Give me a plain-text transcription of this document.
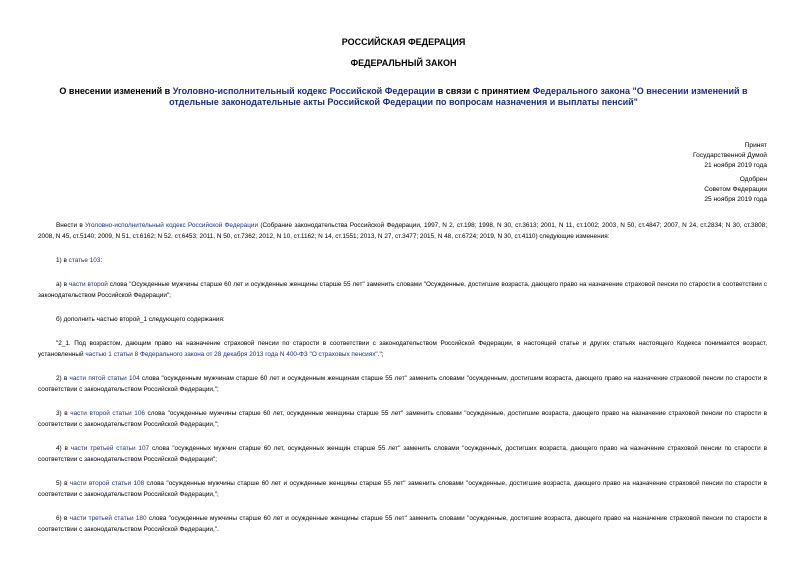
РОССИЙСКАЯ ФЕДЕРАЦИЯ
ФЕДЕРАЛЬНЫЙ ЗАКОН
О внесении изменений в Уголовно-исполнительный кодекс Российской Федерации в связи с принятием Федерального закона "О внесении изменений в отдельные законодательные акты Российской Федерации по вопросам назначения и выплаты пенсий"
Принят
Государственной Думой
21 ноября 2019 года
Одобрен
Советом Федерации
25 ноября 2019 года

Внести в Уголовно-исполнительный кодекс Российской Федерации (Собрание законодательства Российской Федерации, 1997, N 2, ст.198; 1998, N 30, ст.3613; 2001, N 11, ст.1002; 2003, N 50, ст.4847; 2007, N 24, ст.2834; N 30, ст.3808; 2008, N 45, ст.5140; 2009, N 51, ст.6162; N 52, ст.6453; 2011, N 50, ст.7362; 2012, N 10, ст.1162; N 14, ст.1551; 2013, N 27, ст.3477; 2015, N 48, ст.6724; 2019, N 30, ст.4110) следующие изменения:

1) в статье 103:

а) в части второй слова "Осужденные мужчины старше 60 лет и осужденные женщины старше 55 лет" заменить словами "Осужденные, достигшие возраста, дающего право на назначение страховой пенсии по старости в соответствии с законодательством Российской Федерации";

б) дополнить частью второй_1 следующего содержания:

"2_1. Под возрастом, дающим право на назначение страховой пенсии по старости в соответствии с законодательством Российской Федерации, в настоящей статье и других статьях настоящего Кодекса понимается возраст, установленный частью 1 статьи 8 Федерального закона от 28 декабря 2013 года N 400-ФЗ "О страховых пенсиях".";

2) в части пятой статьи 104 слова "осужденным мужчинам старше 60 лет и осужденным женщинам старше 55 лет" заменить словами "осужденным, достигшим возраста, дающего право на назначение страховой пенсии по старости в соответствии с законодательством Российской Федерации,";

3) в части второй статьи 106 слова "осужденные мужчины старше 60 лет, осужденные женщины старше 55 лет" заменить словами "осужденные, достигшие возраста, дающего право на назначение страховой пенсии по старости в соответствии с законодательством Российской Федерации,";

4) в части третьей статьи 107 слова "осужденных мужчин старше 60 лет, осужденных женщин старше 55 лет" заменить словами "осужденных, достигших возраста, дающего право на назначение страховой пенсии по старости в соответствии с законодательством Российской Федерации";

5) в части второй статьи 108 слова "осужденные мужчины старше 60 лет и осужденные женщины старше 55 лет" заменить словами "осужденные, достигшие возраста, дающего право на назначение страховой пенсии по старости в соответствии с законодательством Российской Федерации,";

6) в части третьей статьи 180 слова "осужденные мужчины старше 60 лет и осужденные женщины старше 55 лет" заменить словами "осужденные, достигшие возраста, дающего право на назначение страховой пенсии по старости в соответствии с законодательством Российской Федерации,".
